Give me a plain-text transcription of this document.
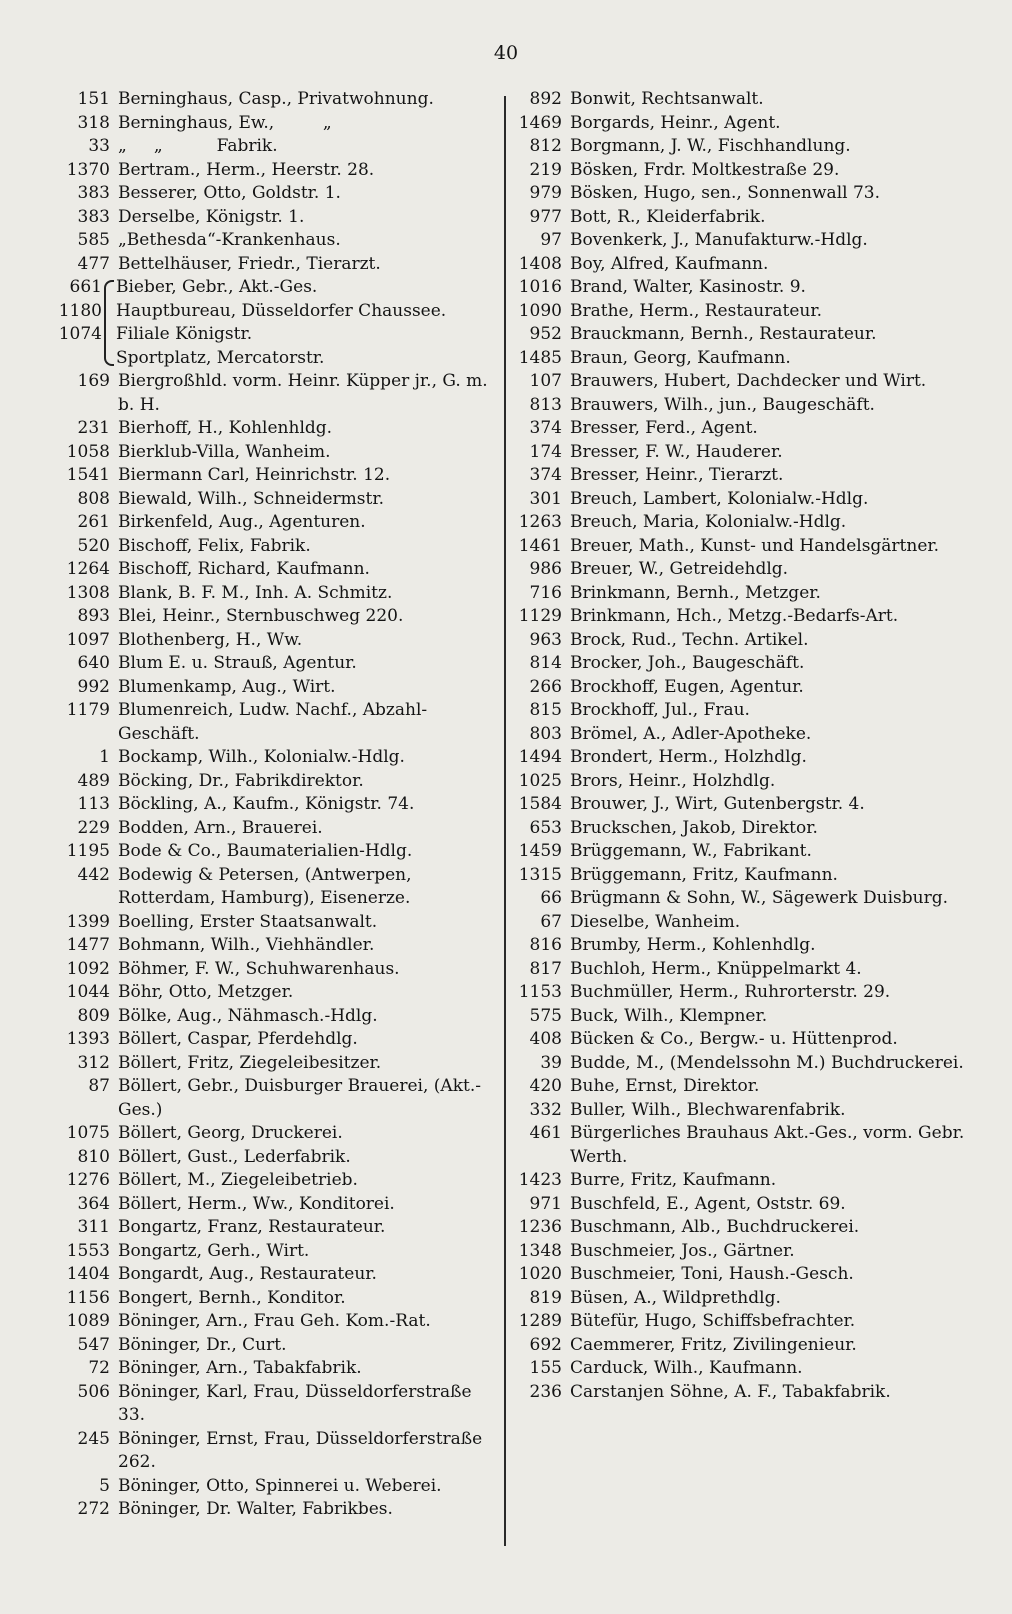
40
151 Berninghaus, Casp., Privatwohnung.
318 Berninghaus, Ew.,         „
33 „     „          Fabrik.
1370 Bertram., Herm., Heerstr. 28.
383 Besserer, Otto, Goldstr. 1.
383 Derselbe, Königstr. 1.
585 „Bethesda“-Krankenhaus.
477 Bettelhäuser, Friedr., Tierarzt.
661
1180
1074
Bieber, Gebr., Akt.-Ges.
Hauptbureau, Düsseldorfer Chaussee.
Filiale Königstr.
Sportplatz, Mercatorstr.
169 Biergroßhld. vorm. Heinr. Küpper jr., G. m. b. H.
231 Bierhoff, H., Kohlenhldg.
1058 Bierklub-Villa, Wanheim.
1541 Biermann Carl, Heinrichstr. 12.
808 Biewald, Wilh., Schneidermstr.
261 Birkenfeld, Aug., Agenturen.
520 Bischoff, Felix, Fabrik.
1264 Bischoff, Richard, Kaufmann.
1308 Blank, B. F. M., Inh. A. Schmitz.
893 Blei, Heinr., Sternbuschweg 220.
1097 Blothenberg, H., Ww.
640 Blum E. u. Strauß, Agentur.
992 Blumenkamp, Aug., Wirt.
1179 Blumenreich, Ludw. Nachf., Abzahl-Geschäft.
1 Bockamp, Wilh., Kolonialw.-Hdlg.
489 Böcking, Dr., Fabrikdirektor.
113 Böckling, A., Kaufm., Königstr. 74.
229 Bodden, Arn., Brauerei.
1195 Bode & Co., Baumaterialien-Hdlg.
442 Bodewig & Petersen, (Antwerpen, Rotterdam, Hamburg), Eisenerze.
1399 Boelling, Erster Staatsanwalt.
1477 Bohmann, Wilh., Viehhändler.
1092 Böhmer, F. W., Schuhwarenhaus.
1044 Böhr, Otto, Metzger.
809 Bölke, Aug., Nähmasch.-Hdlg.
1393 Böllert, Caspar, Pferdehdlg.
312 Böllert, Fritz, Ziegeleibesitzer.
87 Böllert, Gebr., Duisburger Brauerei, (Akt.-Ges.)
1075 Böllert, Georg, Druckerei.
810 Böllert, Gust., Lederfabrik.
1276 Böllert, M., Ziegeleibetrieb.
364 Böllert, Herm., Ww., Konditorei.
311 Bongartz, Franz, Restaurateur.
1553 Bongartz, Gerh., Wirt.
1404 Bongardt, Aug., Restaurateur.
1156 Bongert, Bernh., Konditor.
1089 Böninger, Arn., Frau Geh. Kom.-Rat.
547 Böninger, Dr., Curt.
72 Böninger, Arn., Tabakfabrik.
506 Böninger, Karl, Frau, Düsseldorferstraße 33.
245 Böninger, Ernst, Frau, Düsseldorferstraße 262.
5 Böninger, Otto, Spinnerei u. Weberei.
272 Böninger, Dr. Walter, Fabrikbes.
892 Bonwit, Rechtsanwalt.
1469 Borgards, Heinr., Agent.
812 Borgmann, J. W., Fischhandlung.
219 Bösken, Frdr. Moltkestraße 29.
979 Bösken, Hugo, sen., Sonnenwall 73.
977 Bott, R., Kleiderfabrik.
97 Bovenkerk, J., Manufakturw.-Hdlg.
1408 Boy, Alfred, Kaufmann.
1016 Brand, Walter, Kasinostr. 9.
1090 Brathe, Herm., Restaurateur.
952 Brauckmann, Bernh., Restaurateur.
1485 Braun, Georg, Kaufmann.
107 Brauwers, Hubert, Dachdecker und Wirt.
813 Brauwers, Wilh., jun., Baugeschäft.
374 Bresser, Ferd., Agent.
174 Bresser, F. W., Hauderer.
374 Bresser, Heinr., Tierarzt.
301 Breuch, Lambert, Kolonialw.-Hdlg.
1263 Breuch, Maria, Kolonialw.-Hdlg.
1461 Breuer, Math., Kunst- und Handelsgärtner.
986 Breuer, W., Getreidehdlg.
716 Brinkmann, Bernh., Metzger.
1129 Brinkmann, Hch., Metzg.-Bedarfs-Art.
963 Brock, Rud., Techn. Artikel.
814 Brocker, Joh., Baugeschäft.
266 Brockhoff, Eugen, Agentur.
815 Brockhoff, Jul., Frau.
803 Brömel, A., Adler-Apotheke.
1494 Brondert, Herm., Holzhdlg.
1025 Brors, Heinr., Holzhdlg.
1584 Brouwer, J., Wirt, Gutenbergstr. 4.
653 Bruckschen, Jakob, Direktor.
1459 Brüggemann, W., Fabrikant.
1315 Brüggemann, Fritz, Kaufmann.
66 Brügmann & Sohn, W., Sägewerk Duisburg.
67 Dieselbe, Wanheim.
816 Brumby, Herm., Kohlenhdlg.
817 Buchloh, Herm., Knüppelmarkt 4.
1153 Buchmüller, Herm., Ruhrorterstr. 29.
575 Buck, Wilh., Klempner.
408 Bücken & Co., Bergw.- u. Hüttenprod.
39 Budde, M., (Mendelssohn M.) Buchdruckerei.
420 Buhe, Ernst, Direktor.
332 Buller, Wilh., Blechwarenfabrik.
461 Bürgerliches Brauhaus Akt.-Ges., vorm. Gebr. Werth.
1423 Burre, Fritz, Kaufmann.
971 Buschfeld, E., Agent, Oststr. 69.
1236 Buschmann, Alb., Buchdruckerei.
1348 Buschmeier, Jos., Gärtner.
1020 Buschmeier, Toni, Haush.-Gesch.
819 Büsen, A., Wildprethdlg.
1289 Bütefür, Hugo, Schiffsbefrachter.
692 Caemmerer, Fritz, Zivilingenieur.
155 Carduck, Wilh., Kaufmann.
236 Carstanjen Söhne, A. F., Tabakfabrik.
